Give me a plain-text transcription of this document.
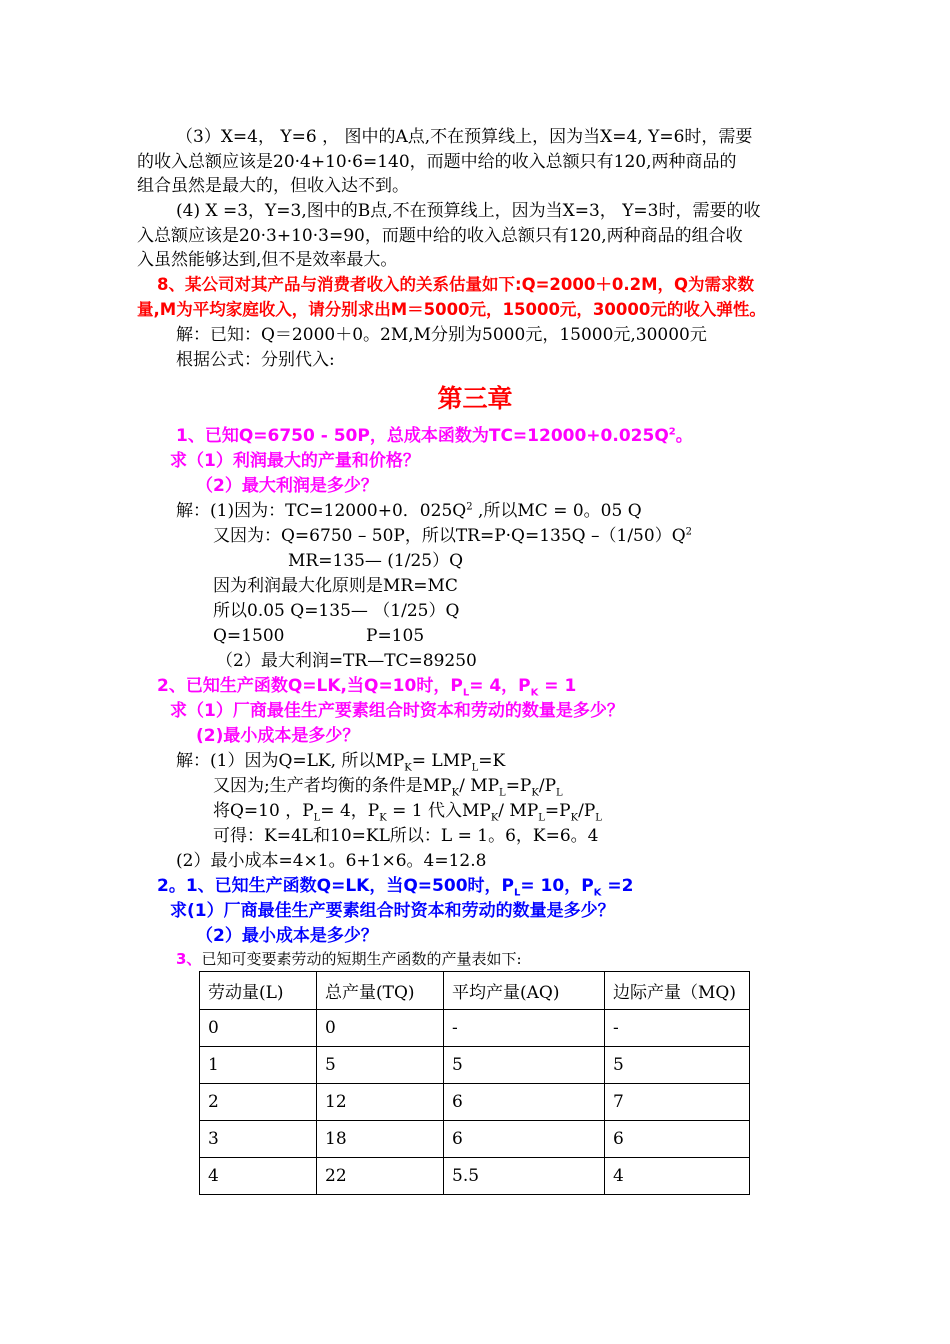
（3）X=4， Y=6 ， 图中的A点,不在预算线上，因为当X=4, Y=6时，需要
的收入总额应该是20·4+10·6=140，而题中给的收入总额只有120,两种商品的
组合虽然是最大的，但收入达不到。
(4) X =3，Y=3,图中的B点,不在预算线上，因为当X=3， Y=3时，需要的收
入总额应该是20·3+10·3=90，而题中给的收入总额只有120,两种商品的组合收
入虽然能够达到,但不是效率最大。
8、某公司对其产品与消费者收入的关系估量如下:Q=2000＋0.2M，Q为需求数
量,M为平均家庭收入，请分别求出M＝5000元，15000元，30000元的收入弹性。
解：已知：Q＝2000＋0。2M,M分别为5000元，15000元,30000元
根据公式：分别代入:
第三章
1、已知Q=6750 - 50P，总成本函数为$TC=12000+0.025Q^2$。
求（1）利润最大的产量和价格？
（2）最大利润是多少？
解：(1)因为：TC=12000+0．$025Q^2$ ,所以MC = 0。05 Q
又因为：Q=6750 – 50P，所以TR=P·Q=135Q $-(1/50)Q^2$
MR=135— (1/25）Q
因为利润最大化原则是MR=MC
所以0.05 Q=135— （1/25）Q
Q=1500	P=105
（2）最大利润=TR—TC=89250
2、已知生产函数Q=LK,当Q=10时，$P_L= 4$，$P_K = 1$
求（1）厂商最佳生产要素组合时资本和劳动的数量是多少？
(2)最小成本是多少？
解：(1）因为Q=LK, 所以$MP_K= LMP_L=K$
又因为;生产者均衡的条件是$MP_K/$ $MP_L=P_K/P_L$
将Q=10 ，$P_L= 4$，$P_K = 1$ 代入$MP_K/$ $MP_L=P_K/P_L$
可得：K=4L和10=KL所以：L = 1。6，K=6。4
(2）最小成本=4×1。6+1×6。4=12.8
2。1、已知生产函数Q=LK，当Q=500时，$P_L= 10$，$P_K =2$
求(1）厂商最佳生产要素组合时资本和劳动的数量是多少？
（2）最小成本是多少？
3、已知可变要素劳动的短期生产函数的产量表如下:
劳动量(L)	总产量(TQ)	平均产量(AQ)	边际产量（MQ)
0	0	-	-
1	5	5	5
2	12	6	7
3	18	6	6
4	22	5.5	4
